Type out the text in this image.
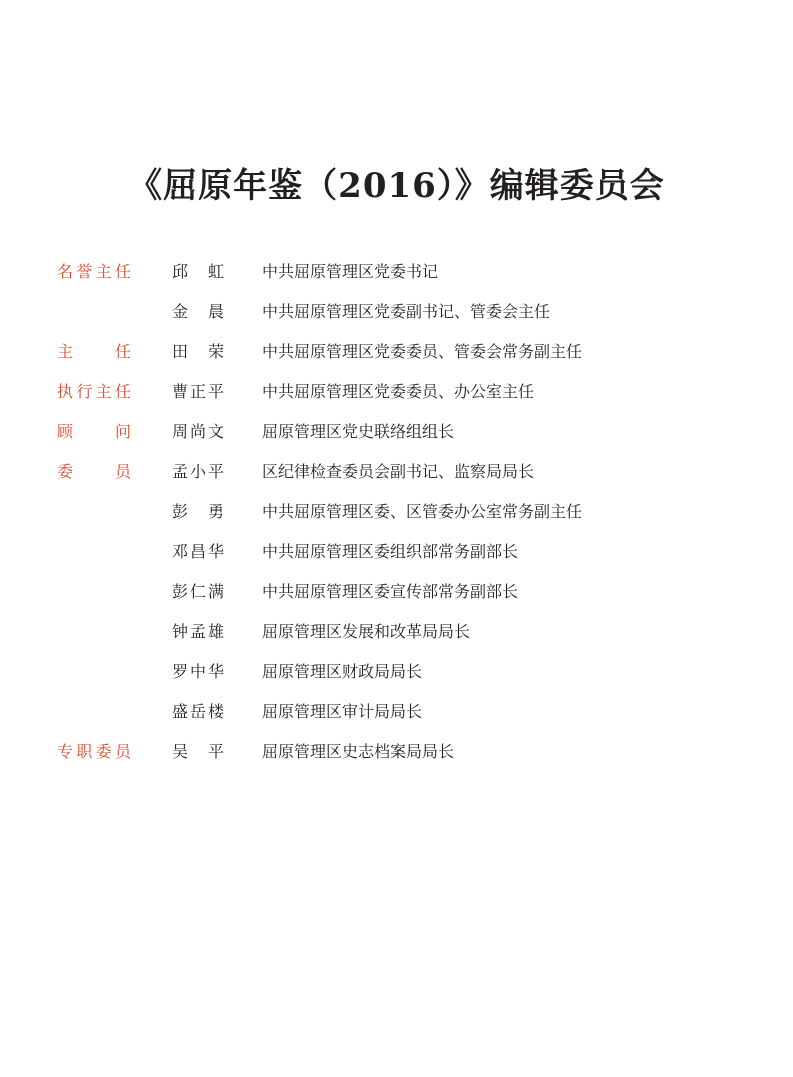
《屈原年鉴（2016）》编辑委员会
名誉主任	邱　虹 中共屈原管理区党委书记
金　晨 中共屈原管理区党委副书记、管委会主任
主　任	田　荣 中共屈原管理区党委委员、管委会常务副主任
执行主任	曹正平 中共屈原管理区党委委员、办公室主任
顾　问	周尚文 屈原管理区党史联络组组长
委　员	孟小平 区纪律检查委员会副书记、监察局局长
彭　勇 中共屈原管理区委、区管委办公室常务副主任
邓昌华 中共屈原管理区委组织部常务副部长
彭仁满 中共屈原管理区委宣传部常务副部长
钟孟雄 屈原管理区发展和改革局局长
罗中华 屈原管理区财政局局长
盛岳楼 屈原管理区审计局局长
专职委员	吴　平 屈原管理区史志档案局局长
